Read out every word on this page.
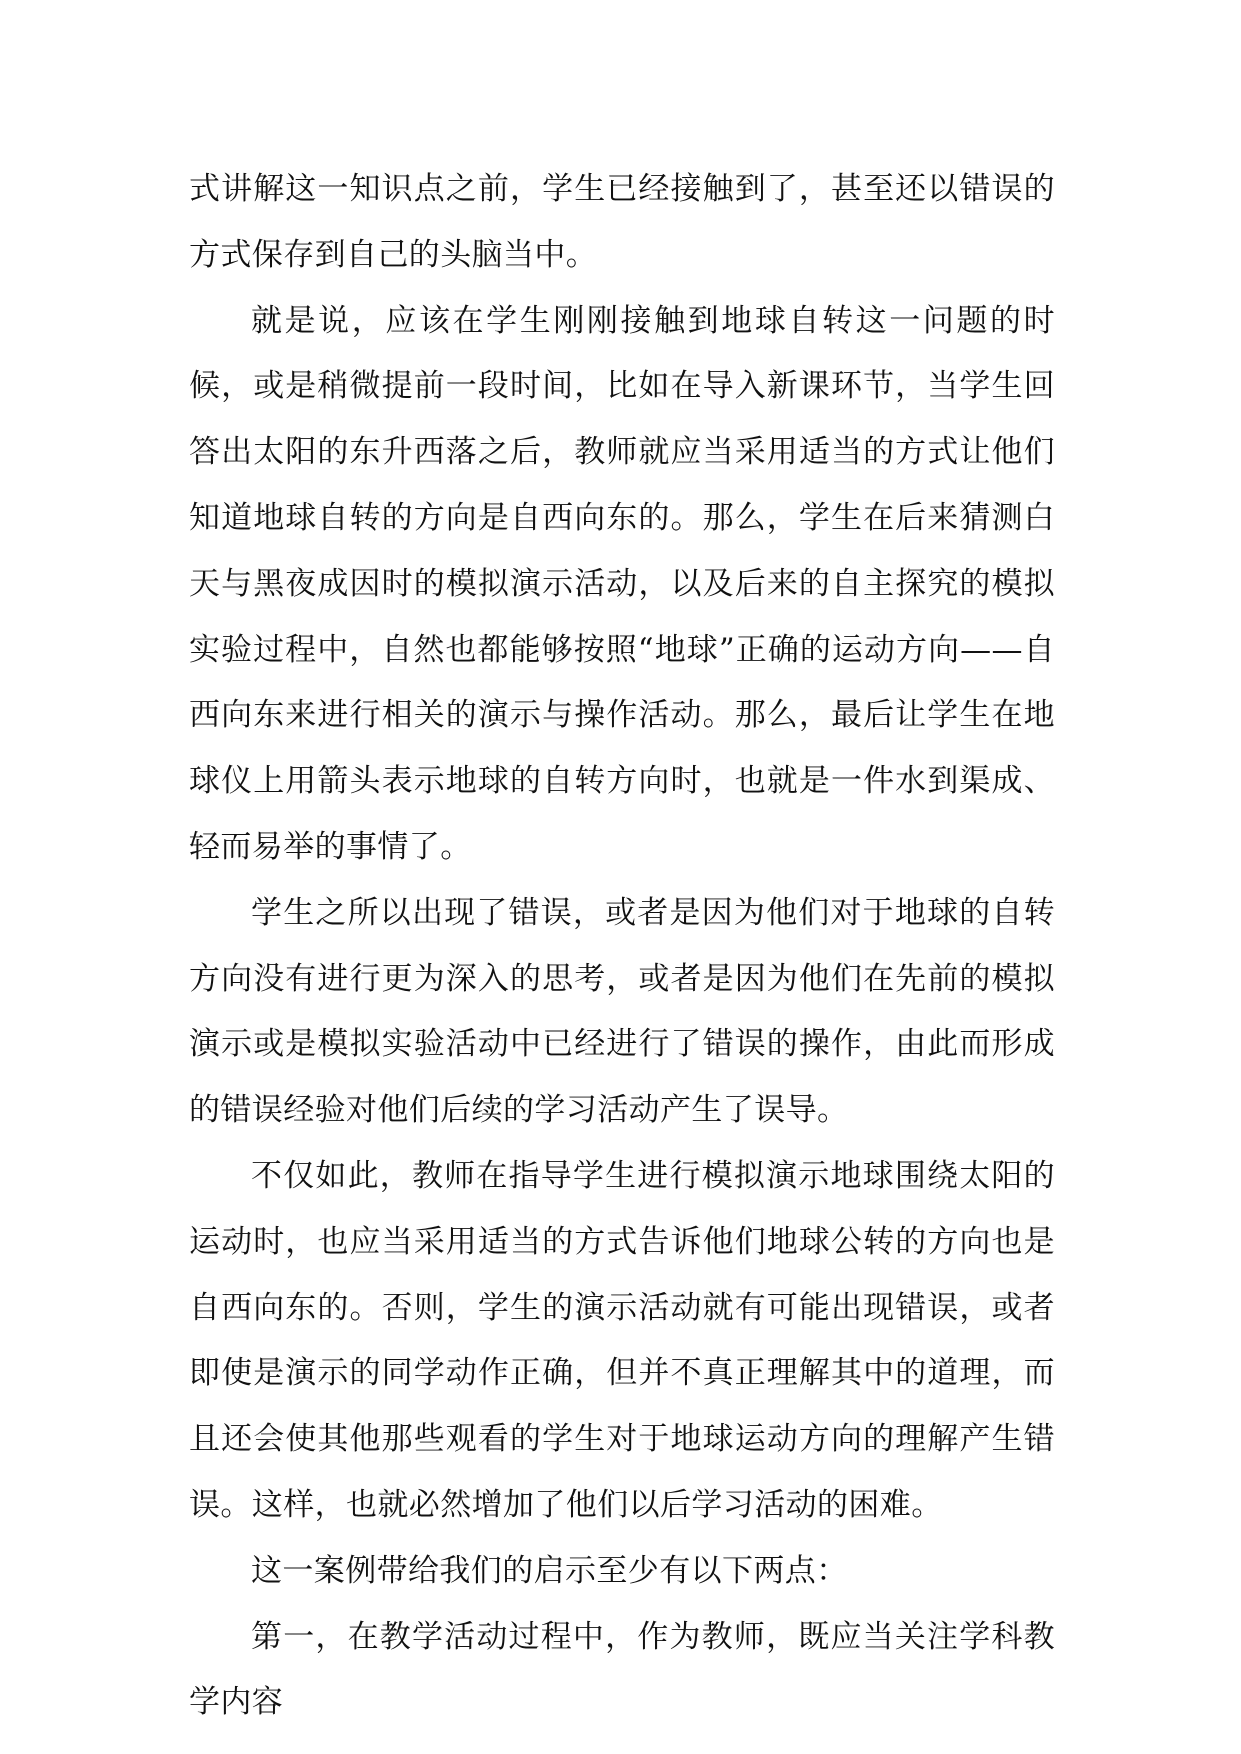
式讲解这一知识点之前，学生已经接触到了，甚至还以错误的方式保存到自己的头脑当中。

就是说，应该在学生刚刚接触到地球自转这一问题的时候，或是稍微提前一段时间，比如在导入新课环节，当学生回答出太阳的东升西落之后，教师就应当采用适当的方式让他们知道地球自转的方向是自西向东的。那么，学生在后来猜测白天与黑夜成因时的模拟演示活动，以及后来的自主探究的模拟实验过程中，自然也都能够按照“地球”正确的运动方向——自西向东来进行相关的演示与操作活动。那么，最后让学生在地球仪上用箭头表示地球的自转方向时，也就是一件水到渠成、轻而易举的事情了。

学生之所以出现了错误，或者是因为他们对于地球的自转方向没有进行更为深入的思考，或者是因为他们在先前的模拟演示或是模拟实验活动中已经进行了错误的操作，由此而形成的错误经验对他们后续的学习活动产生了误导。

不仅如此，教师在指导学生进行模拟演示地球围绕太阳的运动时，也应当采用适当的方式告诉他们地球公转的方向也是自西向东的。否则，学生的演示活动就有可能出现错误，或者即使是演示的同学动作正确，但并不真正理解其中的道理，而且还会使其他那些观看的学生对于地球运动方向的理解产生错误。这样，也就必然增加了他们以后学习活动的困难。

这一案例带给我们的启示至少有以下两点：

第一，在教学活动过程中，作为教师，既应当关注学科教学内容
